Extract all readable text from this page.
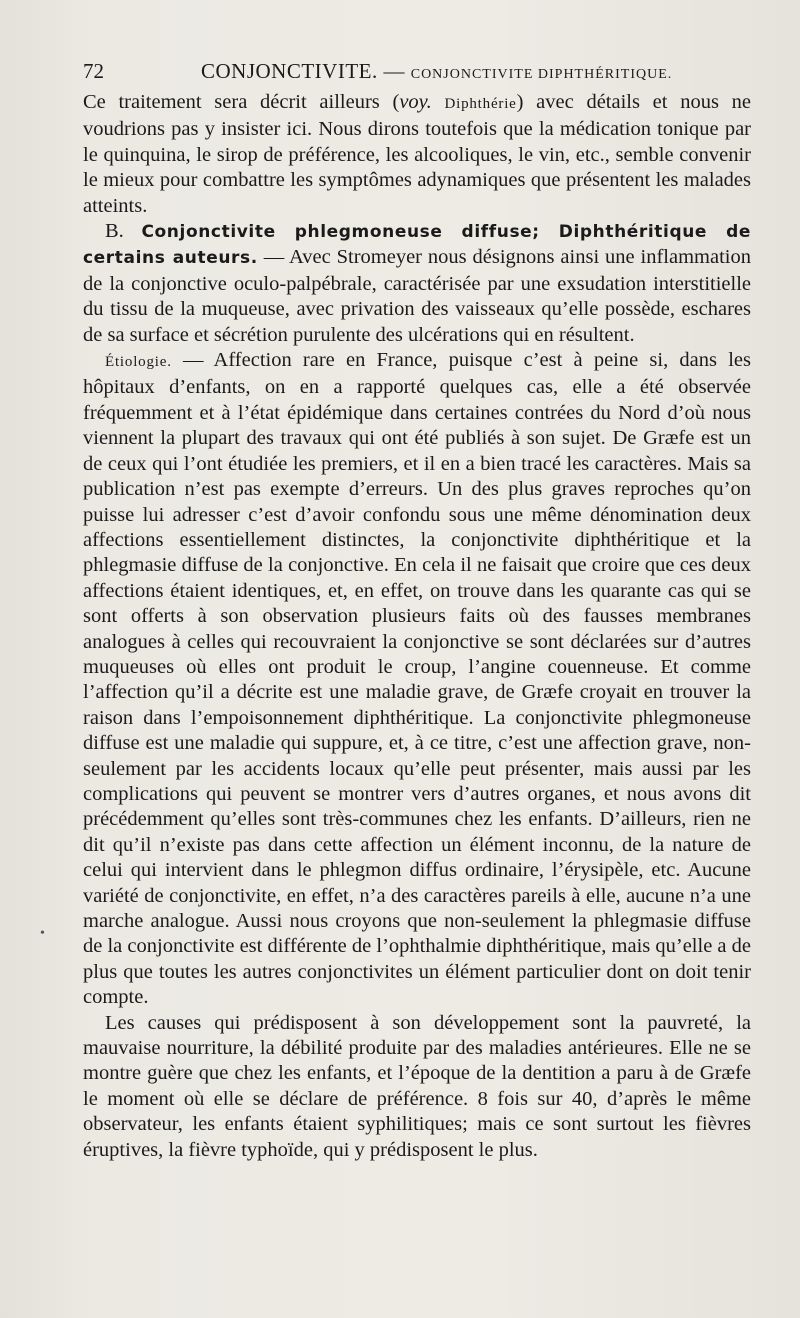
72	CONJONCTIVITE. — CONJONCTIVITE DIPHTHÉRITIQUE.

Ce traitement sera décrit ailleurs (voy. Diphthérie) avec détails et nous ne voudrions pas y insister ici. Nous dirons toutefois que la médication tonique par le quinquina, le sirop de préférence, les alcooliques, le vin, etc., semble convenir le mieux pour combattre les symptômes adynamiques que présentent les malades atteints.

B. Conjonctivite phlegmoneuse diffuse; Diphthéritique de certains auteurs. — Avec Stromeyer nous désignons ainsi une inflammation de la conjonctive oculo-palpébrale, caractérisée par une exsudation interstitielle du tissu de la muqueuse, avec privation des vaisseaux qu’elle possède, eschares de sa surface et sécrétion purulente des ulcérations qui en résultent.

Étiologie. — Affection rare en France, puisque c’est à peine si, dans les hôpitaux d’enfants, on en a rapporté quelques cas, elle a été observée fréquemment et à l’état épidémique dans certaines contrées du Nord d’où nous viennent la plupart des travaux qui ont été publiés à son sujet. De Græfe est un de ceux qui l’ont étudiée les premiers, et il en a bien tracé les caractères. Mais sa publication n’est pas exempte d’erreurs. Un des plus graves reproches qu’on puisse lui adresser c’est d’avoir confondu sous une même dénomination deux affections essentiellement distinctes, la conjonctivite diphthéritique et la phlegmasie diffuse de la conjonctive. En cela il ne faisait que croire que ces deux affections étaient identiques, et, en effet, on trouve dans les quarante cas qui se sont offerts à son observation plusieurs faits où des fausses membranes analogues à celles qui recouvraient la conjonctive se sont déclarées sur d’autres muqueuses où elles ont produit le croup, l’angine couenneuse. Et comme l’affection qu’il a décrite est une maladie grave, de Græfe croyait en trouver la raison dans l’empoisonnement diphthéritique. La conjonctivite phlegmoneuse diffuse est une maladie qui suppure, et, à ce titre, c’est une affection grave, non-seulement par les accidents locaux qu’elle peut présenter, mais aussi par les complications qui peuvent se montrer vers d’autres organes, et nous avons dit précédemment qu’elles sont très-communes chez les enfants. D’ailleurs, rien ne dit qu’il n’existe pas dans cette affection un élément inconnu, de la nature de celui qui intervient dans le phlegmon diffus ordinaire, l’érysipèle, etc. Aucune variété de conjonctivite, en effet, n’a des caractères pareils à elle, aucune n’a une marche analogue. Aussi nous croyons que non-seulement la phlegmasie diffuse de la conjonctivite est différente de l’ophthalmie diphthéritique, mais qu’elle a de plus que toutes les autres conjonctivites un élément particulier dont on doit tenir compte.

Les causes qui prédisposent à son développement sont la pauvreté, la mauvaise nourriture, la débilité produite par des maladies antérieures. Elle ne se montre guère que chez les enfants, et l’époque de la dentition a paru à de Græfe le moment où elle se déclare de préférence. 8 fois sur 40, d’après le même observateur, les enfants étaient syphilitiques; mais ce sont surtout les fièvres éruptives, la fièvre typhoïde, qui y prédisposent le plus.

•
